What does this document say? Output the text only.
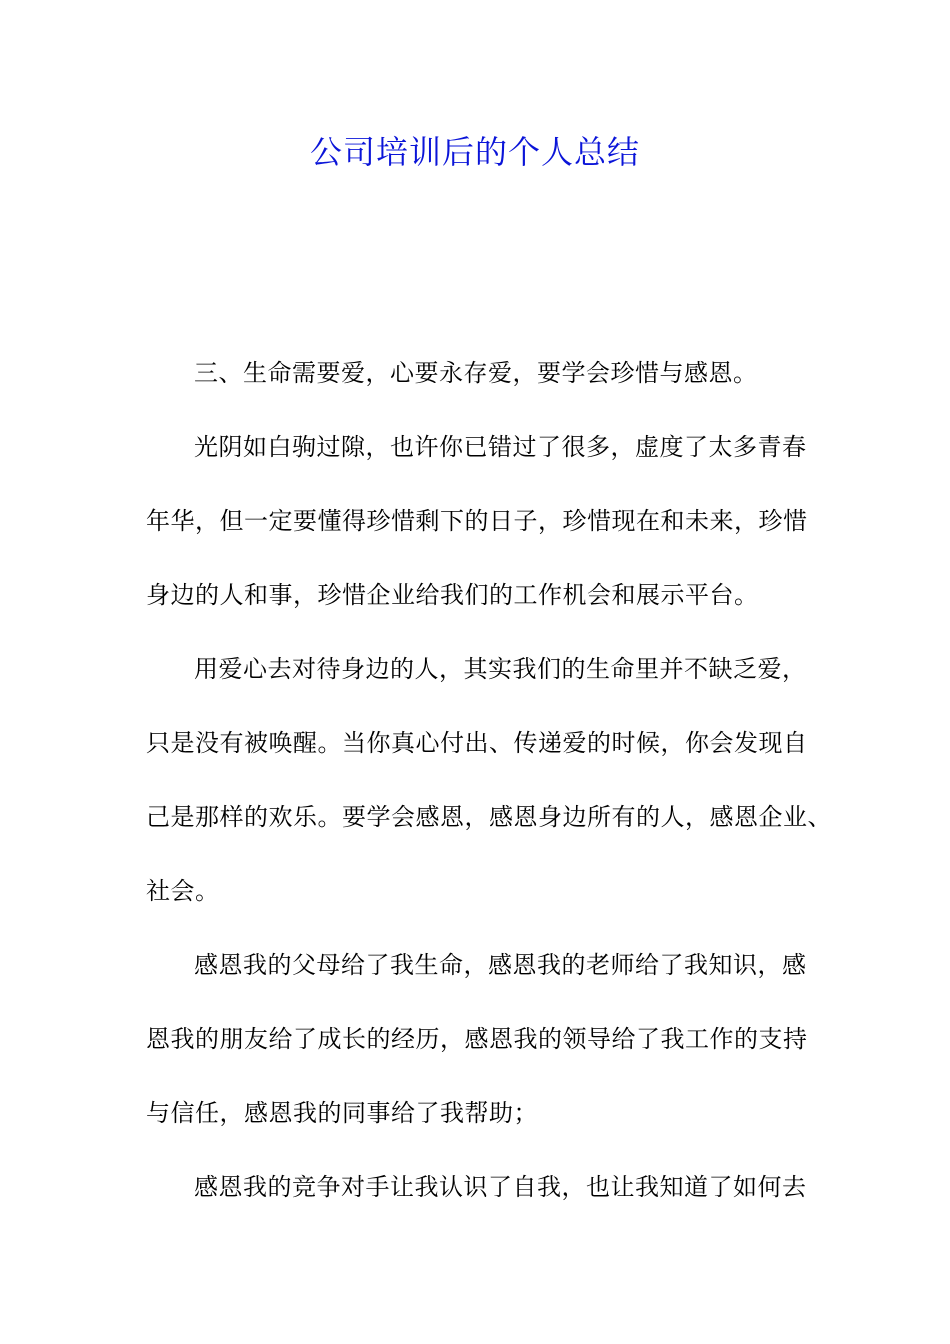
公司培训后的个人总结

三、生命需要爱，心要永存爱，要学会珍惜与感恩。

光阴如白驹过隙，也许你已错过了很多，虚度了太多青春
年华，但一定要懂得珍惜剩下的日子，珍惜现在和未来，珍惜
身边的人和事，珍惜企业给我们的工作机会和展示平台。

用爱心去对待身边的人，其实我们的生命里并不缺乏爱，
只是没有被唤醒。当你真心付出、传递爱的时候，你会发现自
己是那样的欢乐。要学会感恩，感恩身边所有的人，感恩企业、
社会。

感恩我的父母给了我生命，感恩我的老师给了我知识，感
恩我的朋友给了成长的经历，感恩我的领导给了我工作的支持
与信任，感恩我的同事给了我帮助；

感恩我的竞争对手让我认识了自我，也让我知道了如何去
